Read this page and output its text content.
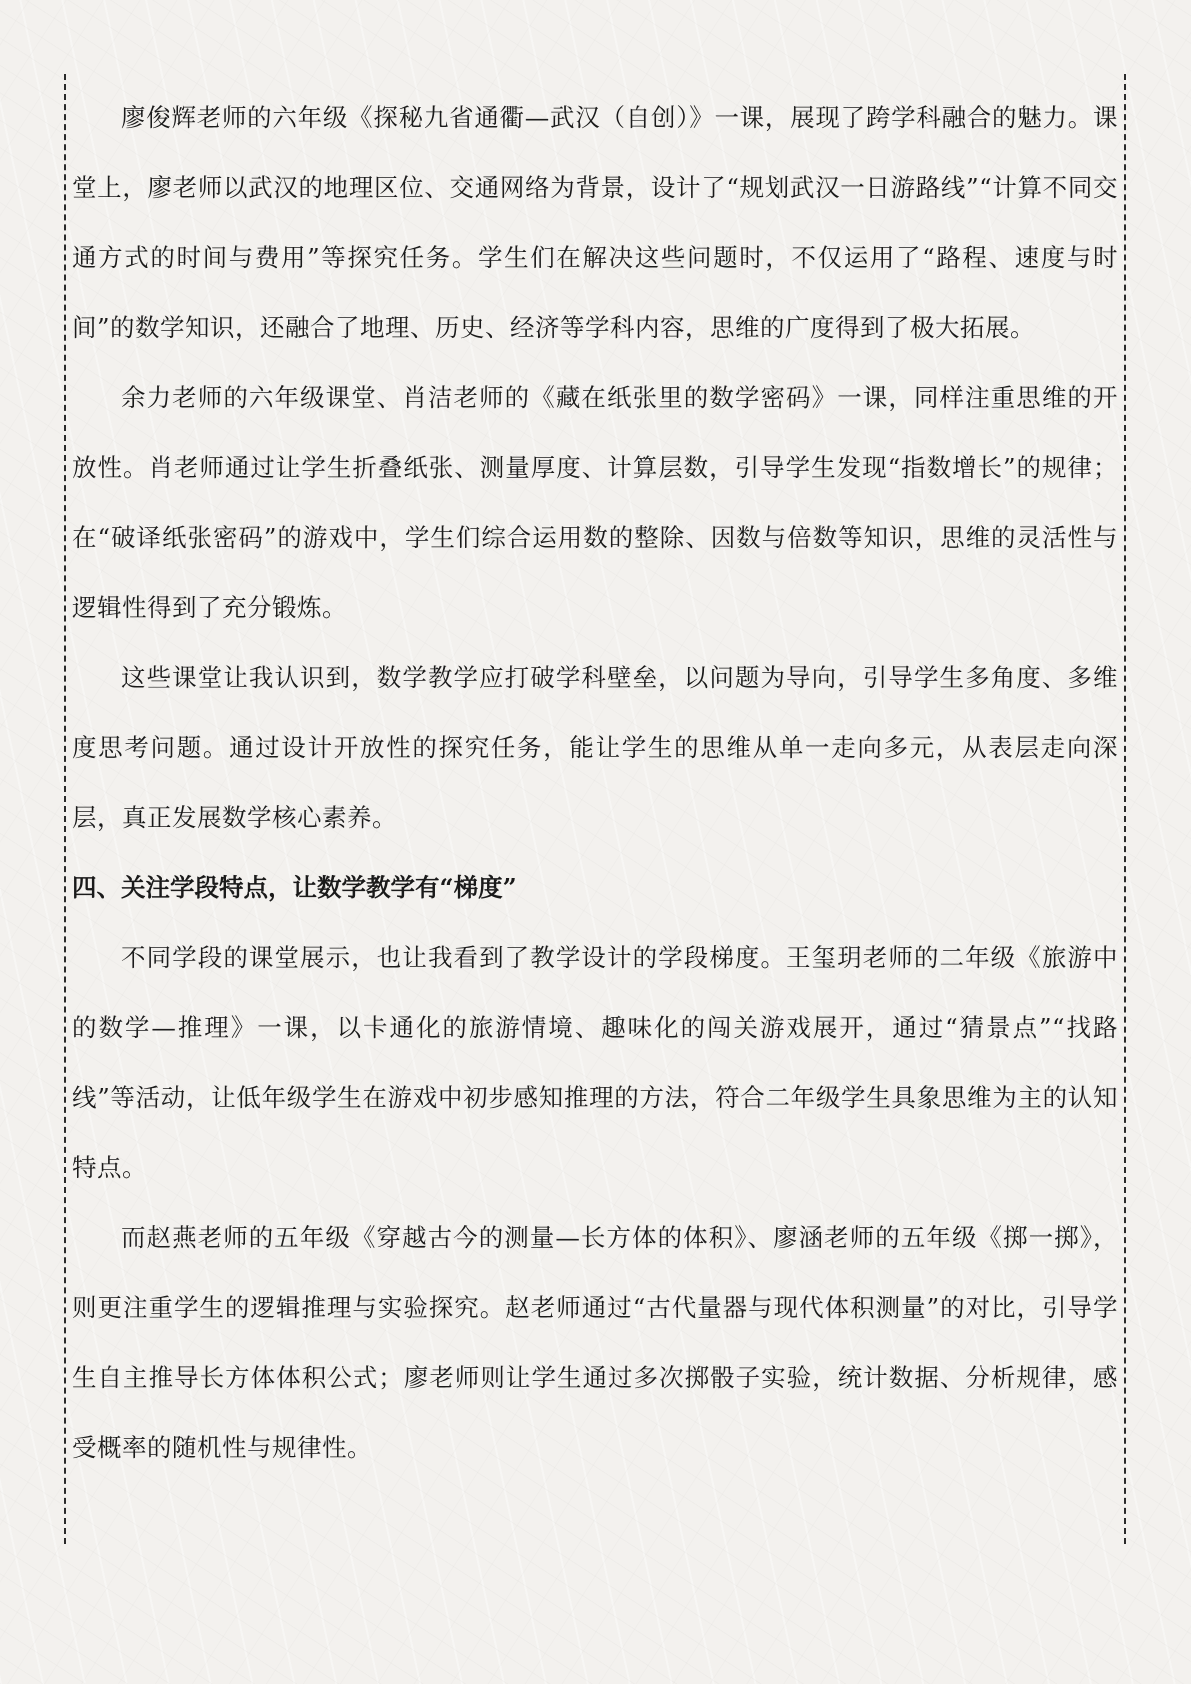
廖俊辉老师的六年级《探秘九省通衢—武汉（自创）》一课，展现了跨学科融合的魅力。课堂上，廖老师以武汉的地理区位、交通网络为背景，设计了“规划武汉一日游路线”“计算不同交通方式的时间与费用”等探究任务。学生们在解决这些问题时，不仅运用了“路程、速度与时间”的数学知识，还融合了地理、历史、经济等学科内容，思维的广度得到了极大拓展。

余力老师的六年级课堂、肖洁老师的《藏在纸张里的数学密码》一课，同样注重思维的开放性。肖老师通过让学生折叠纸张、测量厚度、计算层数，引导学生发现“指数增长”的规律；在“破译纸张密码”的游戏中，学生们综合运用数的整除、因数与倍数等知识，思维的灵活性与逻辑性得到了充分锻炼。

这些课堂让我认识到，数学教学应打破学科壁垒，以问题为导向，引导学生多角度、多维度思考问题。通过设计开放性的探究任务，能让学生的思维从单一走向多元，从表层走向深层，真正发展数学核心素养。

四、关注学段特点，让数学教学有“梯度”

不同学段的课堂展示，也让我看到了教学设计的学段梯度。王玺玥老师的二年级《旅游中的数学—推理》一课，以卡通化的旅游情境、趣味化的闯关游戏展开，通过“猜景点”“找路线”等活动，让低年级学生在游戏中初步感知推理的方法，符合二年级学生具象思维为主的认知特点。

而赵燕老师的五年级《穿越古今的测量—长方体的体积》、廖涵老师的五年级《掷一掷》，则更注重学生的逻辑推理与实验探究。赵老师通过“古代量器与现代体积测量”的对比，引导学生自主推导长方体体积公式；廖老师则让学生通过多次掷骰子实验，统计数据、分析规律，感受概率的随机性与规律性。
